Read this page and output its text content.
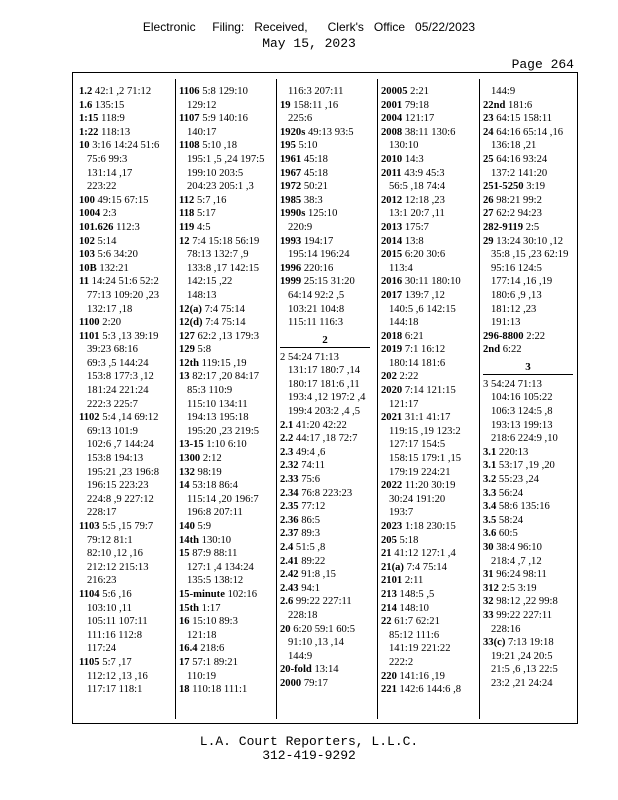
Electronic     Filing:   Received,      Clerk's   Office   05/22/2023
May 15, 2023
Page 264
1.2 42:1 ,2 71:12
1.6 135:15
1:15 118:9
1:22 118:13
10 3:16 14:24 51:6
75:6 99:3
131:14 ,17
223:22
100 49:15 67:15
1004 2:3
101.626 112:3
102 5:14
103 5:6 34:20
10B 132:21
11 14:24 51:6 52:2
77:13 109:20 ,23
132:17 ,18
1100 2:20
1101 5:3 ,13 39:19
39:23 68:16
69:3 ,5 144:24
153:8 177:3 ,12
181:24 221:24
222:3 225:7
1102 5:4 ,14 69:12
69:13 101:9
102:6 ,7 144:24
153:8 194:13
195:21 ,23 196:8
196:15 223:23
224:8 ,9 227:12
228:17
1103 5:5 ,15 79:7
79:12 81:1
82:10 ,12 ,16
212:12 215:13
216:23
1104 5:6 ,16
103:10 ,11
105:11 107:11
111:16 112:8
117:24
1105 5:7 ,17
112:12 ,13 ,16
117:17 118:1
1106 5:8 129:10
129:12
1107 5:9 140:16
140:17
1108 5:10 ,18
195:1 ,5 ,24 197:5
199:10 203:5
204:23 205:1 ,3
112 5:7 ,16
118 5:17
119 4:5
12 7:4 15:18 56:19
78:13 132:7 ,9
133:8 ,17 142:15
142:15 ,22
148:13
12(a) 7:4 75:14
12(d) 7:4 75:14
127 62:2 ,13 179:3
129 5:8
12th 119:15 ,19
13 82:17 ,20 84:17
85:3 110:9
115:10 134:11
194:13 195:18
195:20 ,23 219:5
13-15 1:10 6:10
1300 2:12
132 98:19
14 53:18 86:4
115:14 ,20 196:7
196:8 207:11
140 5:9
14th 130:10
15 87:9 88:11
127:1 ,4 134:24
135:5 138:12
15-minute 102:16
15th 1:17
16 15:10 89:3
121:18
16.4 218:6
17 57:1 89:21
110:19
18 110:18 111:1
116:3 207:11
19 158:11 ,16
225:6
1920s 49:13 93:5
195 5:10
1961 45:18
1967 45:18
1972 50:21
1985 38:3
1990s 125:10
220:9
1993 194:17
195:14 196:24
1996 220:16
1999 25:15 31:20
64:14 92:2 ,5
103:21 104:8
115:11 116:3
2
2 54:24 71:13
131:17 180:7 ,14
180:17 181:6 ,11
193:4 ,12 197:2 ,4
199:4 203:2 ,4 ,5
2.1 41:20 42:22
2.2 44:17 ,18 72:7
2.3 49:4 ,6
2.32 74:11
2.33 75:6
2.34 76:8 223:23
2.35 77:12
2.36 86:5
2.37 89:3
2.4 51:5 ,8
2.41 89:22
2.42 91:8 ,15
2.43 94:1
2.6 99:22 227:11
228:18
20 6:20 59:1 60:5
91:10 ,13 ,14
144:9
20-fold 13:14
2000 79:17
20005 2:21
2001 79:18
2004 121:17
2008 38:11 130:6
130:10
2010 14:3
2011 43:9 45:3
56:5 ,18 74:4
2012 12:18 ,23
13:1 20:7 ,11
2013 175:7
2014 13:8
2015 6:20 30:6
113:4
2016 30:11 180:10
2017 139:7 ,12
140:5 ,6 142:15
144:18
2018 6:21
2019 7:1 16:12
180:14 181:6
202 2:22
2020 7:14 121:15
121:17
2021 31:1 41:17
119:15 ,19 123:2
127:17 154:5
158:15 179:1 ,15
179:19 224:21
2022 11:20 30:19
30:24 191:20
193:7
2023 1:18 230:15
205 5:18
21 41:12 127:1 ,4
21(a) 7:4 75:14
2101 2:11
213 148:5 ,5
214 148:10
22 61:7 62:21
85:12 111:6
141:19 221:22
222:2
220 141:16 ,19
221 142:6 144:6 ,8
144:9
22nd 181:6
23 64:15 158:11
24 64:16 65:14 ,16
136:18 ,21
25 64:16 93:24
137:2 141:20
251-5250 3:19
26 98:21 99:2
27 62:2 94:23
282-9119 2:5
29 13:24 30:10 ,12
35:8 ,15 ,23 62:19
95:16 124:5
177:14 ,16 ,19
180:6 ,9 ,13
181:12 ,23
191:13
296-8800 2:22
2nd 6:22
3
3 54:24 71:13
104:16 105:22
106:3 124:5 ,8
193:13 199:13
218:6 224:9 ,10
3.1 220:13
3.1 53:17 ,19 ,20
3.2 55:23 ,24
3.3 56:24
3.4 58:6 135:16
3.5 58:24
3.6 60:5
30 38:4 96:10
218:4 ,7 ,12
31 96:24 98:11
312 2:5 3:19
32 98:12 ,22 99:8
33 99:22 227:11
228:16
33(c) 7:13 19:18
19:21 ,24 20:5
21:5 ,6 ,13 22:5
23:2 ,21 24:24
L.A. Court Reporters, L.L.C.
312-419-9292
